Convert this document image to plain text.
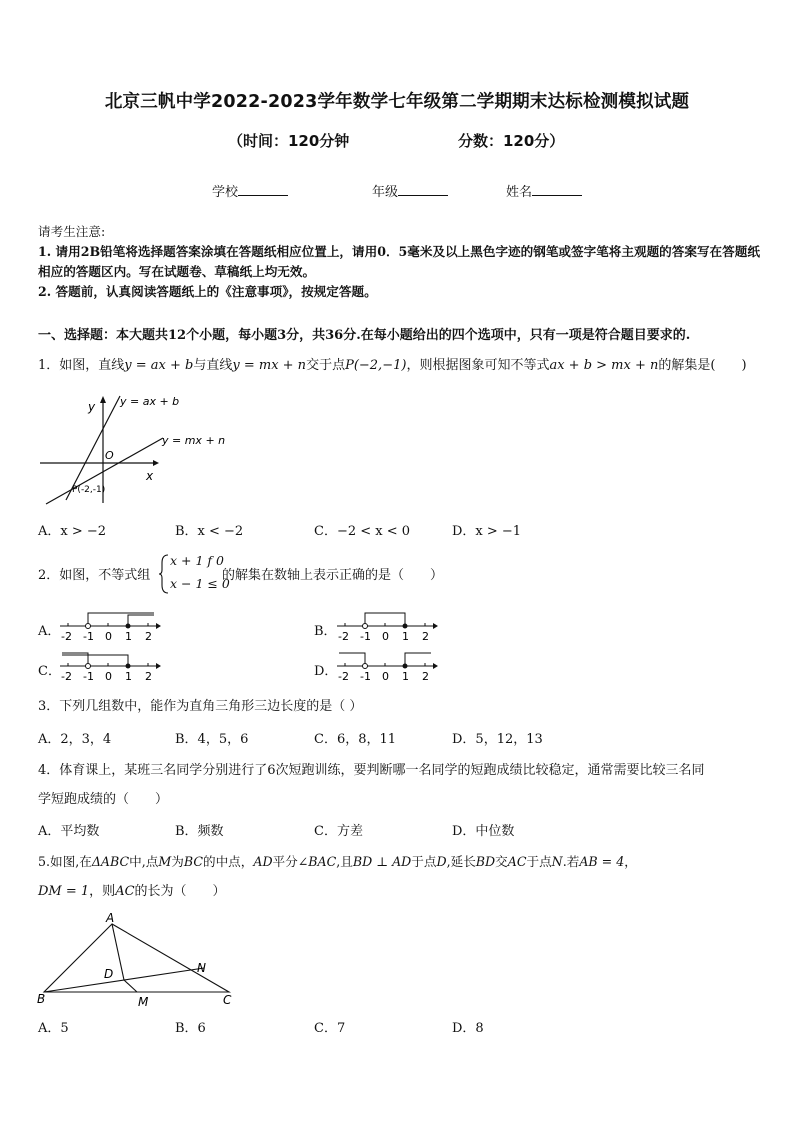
北京三帆中学2022-2023学年数学七年级第二学期期末达标检测模拟试题
（时间：120分钟	分数：120分）
学校	年级	姓名
请考生注意:
1. 请用2B铅笔将选择题答案涂填在答题纸相应位置上，请用0．5毫米及以上黑色字迹的钢笔或签字笔将主观题的答案写在答题纸相应的答题区内。写在试题卷、草稿纸上均无效。
2. 答题前，认真阅读答题纸上的《注意事项》，按规定答题。
一、选择题：本大题共12个小题，每小题3分，共36分.在每小题给出的四个选项中，只有一项是符合题目要求的.
1．如图，直线y = ax + b与直线y = mx + n交于点P(−2,−1)，则根据图象可知不等式ax + b > mx + n的解集是(　　)
y
x
O
y = ax + b
y = mx + n
P(-2,-1)
A．x > −2	B．x < −2	C．−2 < x < 0	D．x > −1
2．如图，不等式组
x + 1 f 0
x − 1 ≤ 0
的解集在数轴上表示正确的是（　　）
A．	B．
C．	D．
-2 -1 0 1 2	-2 -1 0 1 2
-2 -1 0 1 2	-2 -1 0 1 2
3．下列几组数中，能作为直角三角形三边长度的是（ ）
A．2，3，4	B．4，5，6	C．6，8，11	D．5，12，13
4．体育课上，某班三名同学分别进行了6次短跑训练，要判断哪一名同学的短跑成绩比较稳定，通常需要比较三名同
学短跑成绩的（　　）
A．平均数	B．频数	C．方差	D．中位数
5.如图,在ΔABC中,点M为BC的中点，AD平分∠BAC,且BD ⊥ AD于点D,延长BD交AC于点N.若AB = 4，
DM = 1，则AC的长为（　　）
A
B	C
D
M
N
A．5	B．6	C．7	D．8
